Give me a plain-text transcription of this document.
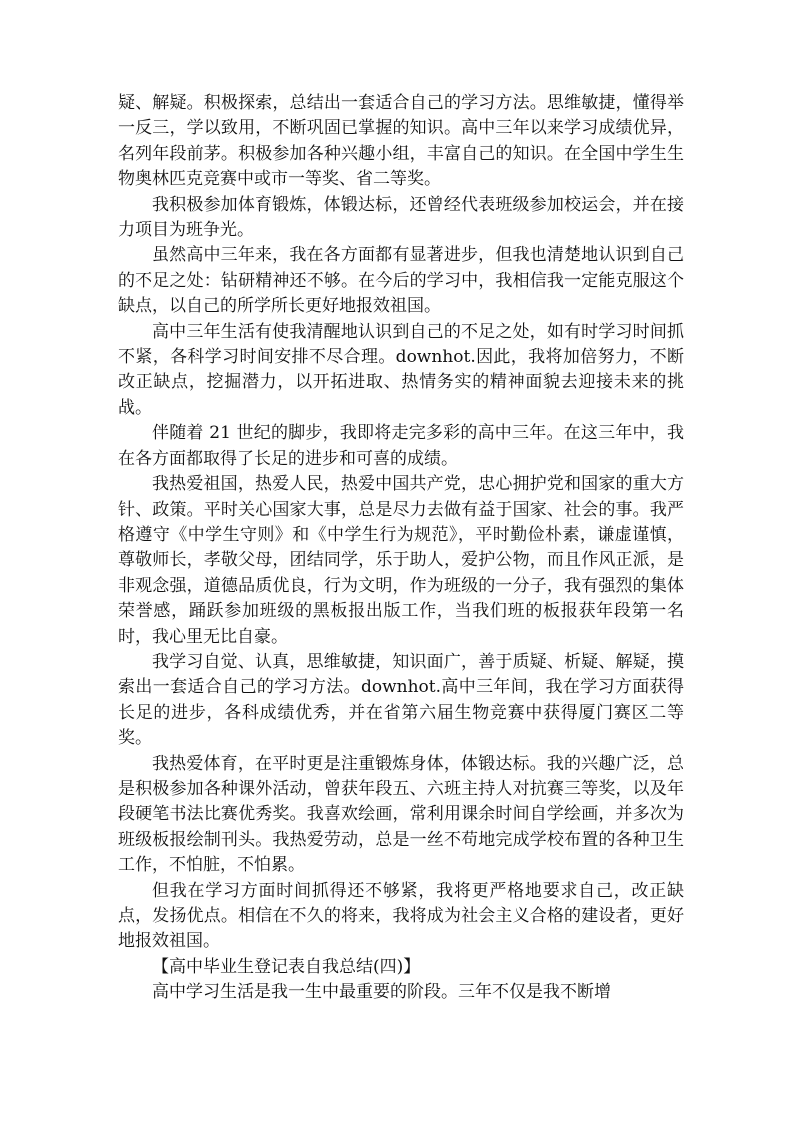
疑、解疑。积极探索，总结出一套适合自己的学习方法。思维敏捷，懂得举一反三，学以致用，不断巩固已掌握的知识。高中三年以来学习成绩优异，名列年段前茅。积极参加各种兴趣小组，丰富自己的知识。在全国中学生生物奥林匹克竞赛中或市一等奖、省二等奖。

我积极参加体育锻炼，体锻达标，还曾经代表班级参加校运会，并在接力项目为班争光。

虽然高中三年来，我在各方面都有显著进步，但我也清楚地认识到自己的不足之处：钻研精神还不够。在今后的学习中，我相信我一定能克服这个缺点，以自己的所学所长更好地报效祖国。

高中三年生活有使我清醒地认识到自己的不足之处，如有时学习时间抓不紧，各科学习时间安排不尽合理。downhot.因此，我将加倍努力，不断改正缺点，挖掘潜力，以开拓进取、热情务实的精神面貌去迎接未来的挑战。

伴随着 21 世纪的脚步，我即将走完多彩的高中三年。在这三年中，我在各方面都取得了长足的进步和可喜的成绩。

我热爱祖国，热爱人民，热爱中国共产党，忠心拥护党和国家的重大方针、政策。平时关心国家大事，总是尽力去做有益于国家、社会的事。我严格遵守《中学生守则》和《中学生行为规范》，平时勤俭朴素，谦虚谨慎，尊敬师长，孝敬父母，团结同学，乐于助人，爱护公物，而且作风正派，是非观念强，道德品质优良，行为文明，作为班级的一分子，我有强烈的集体荣誉感，踊跃参加班级的黑板报出版工作，当我们班的板报获年段第一名时，我心里无比自豪。

我学习自觉、认真，思维敏捷，知识面广，善于质疑、析疑、解疑，摸索出一套适合自己的学习方法。downhot.高中三年间，我在学习方面获得长足的进步，各科成绩优秀，并在省第六届生物竞赛中获得厦门赛区二等奖。

我热爱体育，在平时更是注重锻炼身体，体锻达标。我的兴趣广泛，总是积极参加各种课外活动，曾获年段五、六班主持人对抗赛三等奖，以及年段硬笔书法比赛优秀奖。我喜欢绘画，常利用课余时间自学绘画，并多次为班级板报绘制刊头。我热爱劳动，总是一丝不苟地完成学校布置的各种卫生工作，不怕脏，不怕累。

但我在学习方面时间抓得还不够紧，我将更严格地要求自己，改正缺点，发扬优点。相信在不久的将来，我将成为社会主义合格的建设者，更好地报效祖国。

【高中毕业生登记表自我总结(四)】

高中学习生活是我一生中最重要的阶段。三年不仅是我不断增
